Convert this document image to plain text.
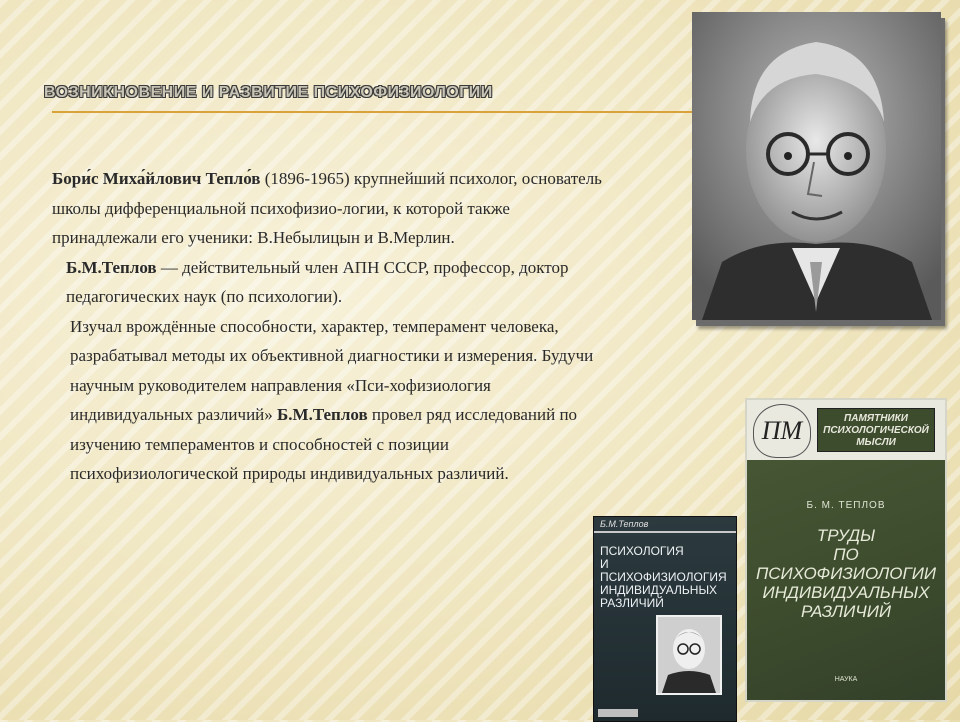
ВОЗНИКНОВЕНИЕ И РАЗВИТИЕ ПСИХОФИЗИОЛОГИИ

Бори́с Миха́йлович Тепло́в (1896-1965) крупнейший психолог, основатель школы дифференциальной психофизио-логии, к которой также принадлежали его ученики: В.Небылицын и В.Мерлин.

Б.М.Теплов — действительный член АПН СССР, профессор, доктор педагогических наук (по психологии).

Изучал врождённые способности, характер, темперамент человека, разрабатывал методы их объективной диагностики и измерения. Будучи научным руководителем направления «Пси-хофизиология индивидуальных различий» Б.М.Теплов провел ряд исследований по изучению темпераментов и способностей с позиции психофизиологической природы индивидуальных различий.

Б.М.Теплов
ПСИХОЛОГИЯ
И ПСИХОФИЗИОЛОГИЯ
ИНДИВИДУАЛЬНЫХ
РАЗЛИЧИЙ
ПМ	ПАМЯТНИКИ
ПСИХОЛОГИЧЕСКОЙ
МЫСЛИ
Б. М. ТЕПЛОВ
ТРУДЫ
ПО ПСИХОФИЗИОЛОГИИ
ИНДИВИДУАЛЬНЫХ
РАЗЛИЧИЙ
НАУКА
